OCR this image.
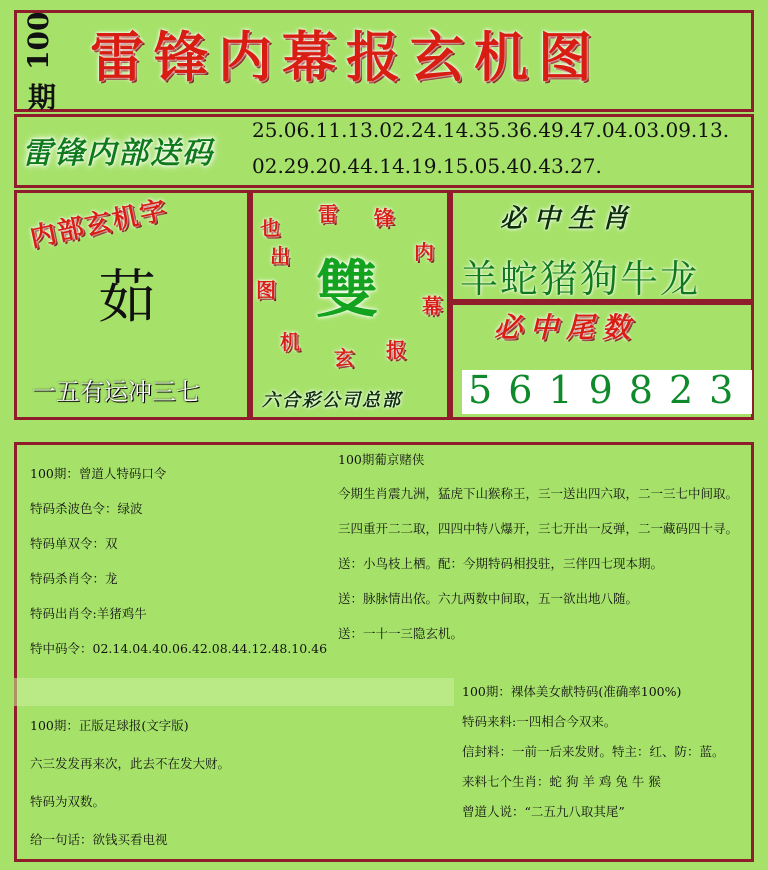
100
期
雷锋内幕报玄机图
雷锋内部送码
25.06.11.13.02.24.14.35.36.49.47.04.03.09.13.
02.29.20.44.14.19.15.05.40.43.27.
内部玄机字
茹
一五有运冲三七
也
雷 锋
内
幕
报
玄
机
图
出 雙
六合彩公司总部
必中生肖
羊蛇猪狗牛龙
必中尾数
5619823
100期：曾道人特码口令
特码杀波色令：绿波
特码单双令：双
特码杀肖令：龙
特码出肖令:羊猪鸡牛
特中码令：02.14.04.40.06.42.08.44.12.48.10.46
100期葡京赌侠
今期生肖震九洲，猛虎下山猴称王，三一送出四六取，二一三七中间取。
三四重开二二取，四四中特八爆开，三七开出一反弹，二一藏码四十寻。
送：小鸟枝上栖。配：今期特码相投驻，三伴四七现本期。
送：脉脉情出依。六九两数中间取，五一欲出地八随。
送：一十一三隐玄机。
100期：正版足球报(文字版)
六三发发再来次，此去不在发大财。
特码为双数。
给一句话：欲钱买看电视
100期：裸体美女献特码(准确率100%)
特码来料:一四相合今双来。
信封料：一前一后来发财。特主：红、防：蓝。
来料七个生肖：蛇 狗 羊 鸡 兔 牛 猴
曾道人说：“二五九八取其尾”
